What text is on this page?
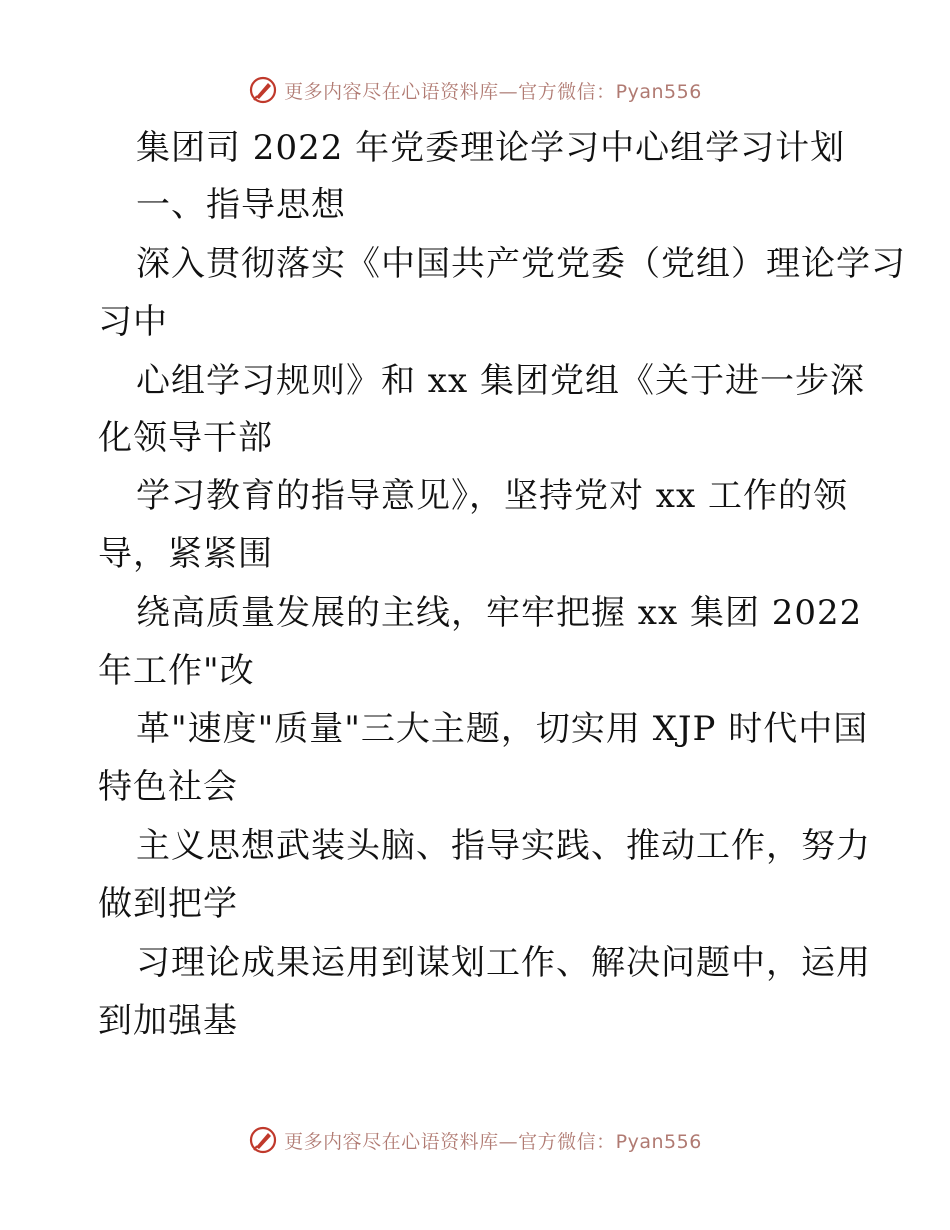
更多内容尽在心语资料库—官方微信：Pyan556
集团司 2022 年党委理论学习中心组学习计划
一、指导思想
深入贯彻落实《中国共产党党委（党组）理论学习
习中
心组学习规则》和 xx 集团党组《关于进一步深
化领导干部
学习教育的指导意见》，坚持党对 xx 工作的领
导，紧紧围
绕高质量发展的主线，牢牢把握 xx 集团 2022
年工作"改
革"速度"质量"三大主题，切实用 XJP 时代中国
特色社会
主义思想武装头脑、指导实践、推动工作，努力
做到把学
习理论成果运用到谋划工作、解决问题中，运用
到加强基
更多内容尽在心语资料库—官方微信：Pyan556
